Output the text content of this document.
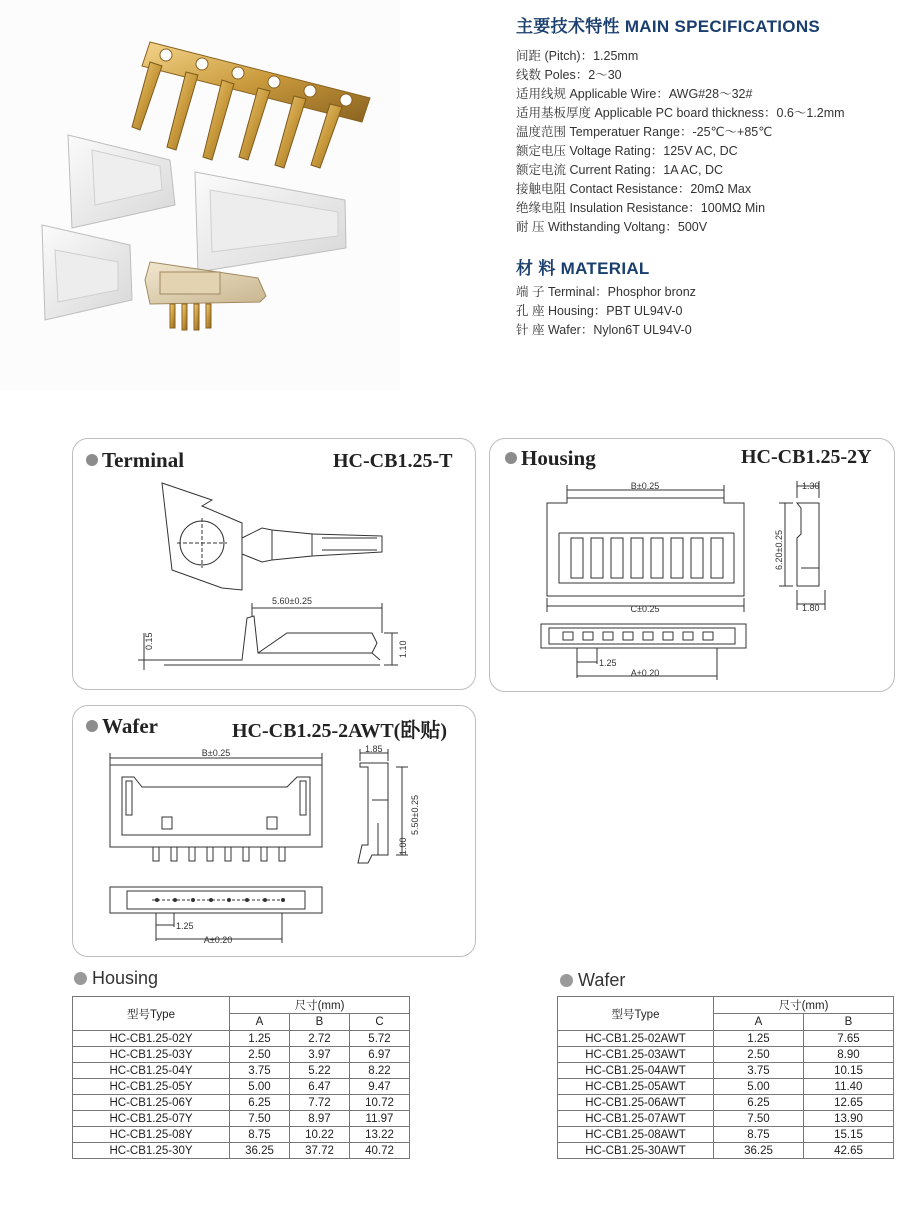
主要技术特性 MAIN SPECIFICATIONS
间距 (Pitch)：1.25mm
线数 Poles：2～30
适用线规 Applicable Wire：AWG#28～32#
适用基板厚度 Applicable PC board thickness：0.6～1.2mm
温度范围 Temperatuer Range：-25℃～+85℃
额定电压 Voltage Rating：125V AC, DC
额定电流 Current Rating：1A AC, DC
接触电阻 Contact Resistance：20mΩ Max
绝缘电阻 Insulation Resistance：100MΩ Min
耐 压 Withstanding Voltang：500V
材 料 MATERIAL
端 子 Terminal：Phosphor bronz
孔 座 Housing：PBT UL94V-0
针 座 Wafer：Nylon6T UL94V-0
Terminal	HC-CB1.25-T
5.60±0.25
0.15	1.10
Housing	HC-CB1.25-2Y
B±0.25
C±0.25
1.25
A±0.20
1.30
6.20±0.25
1.80
Wafer	HC-CB1.25-2AWT(卧贴)
B±0.25
1.25
A±0.20
1.85
5.50±0.25
1.00
Housing
型号Type	尺寸(mm)		
	A	B	C
HC-CB1.25-02Y	1.25	2.72	5.72
HC-CB1.25-03Y	2.50	3.97	6.97
HC-CB1.25-04Y	3.75	5.22	8.22
HC-CB1.25-05Y	5.00	6.47	9.47
HC-CB1.25-06Y	6.25	7.72	10.72
HC-CB1.25-07Y	7.50	8.97	11.97
HC-CB1.25-08Y	8.75	10.22	13.22
HC-CB1.25-30Y	36.25	37.72	40.72
Wafer
型号Type	尺寸(mm)	
	A	B
HC-CB1.25-02AWT	1.25	7.65
HC-CB1.25-03AWT	2.50	8.90
HC-CB1.25-04AWT	3.75	10.15
HC-CB1.25-05AWT	5.00	11.40
HC-CB1.25-06AWT	6.25	12.65
HC-CB1.25-07AWT	7.50	13.90
HC-CB1.25-08AWT	8.75	15.15
HC-CB1.25-30AWT	36.25	42.65
